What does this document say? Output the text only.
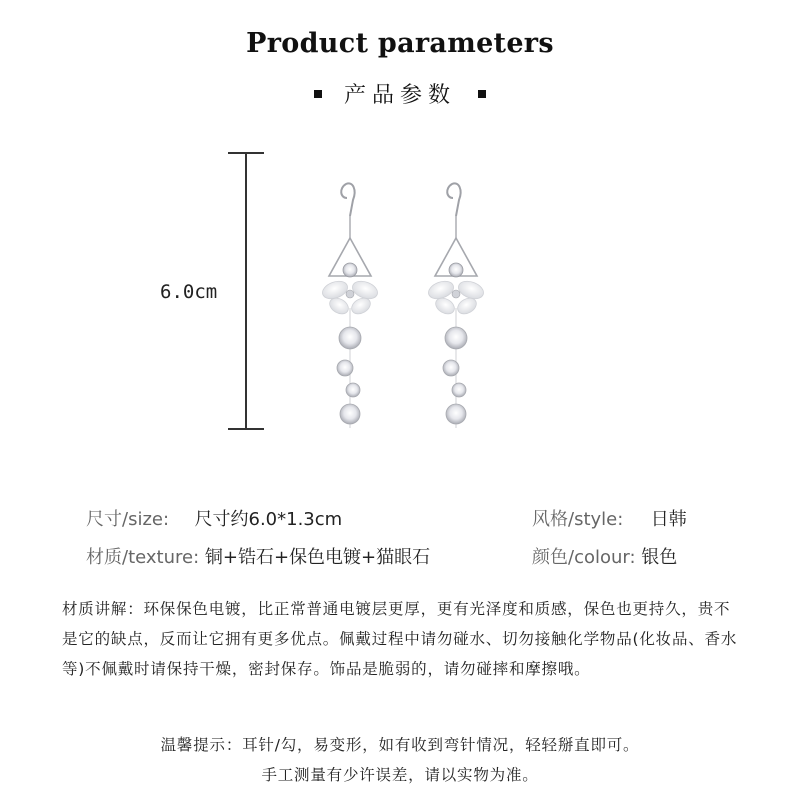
Product parameters
产品参数
6.0cm
尺寸/size: 尺寸约6.0*1.3cm	风格/style: 日韩
材质/texture: 铜+锆石+保色电镀+猫眼石	颜色/colour: 银色
材质讲解：环保保色电镀，比正常普通电镀层更厚，更有光泽度和质感，保色也更持久，贵不是它的缺点，反而让它拥有更多优点。佩戴过程中请勿碰水、切勿接触化学物品(化妆品、香水等)不佩戴时请保持干燥，密封保存。饰品是脆弱的，请勿碰摔和摩擦哦。
温馨提示：耳针/勾，易变形，如有收到弯针情况，轻轻掰直即可。
手工测量有少许误差，请以实物为准。
